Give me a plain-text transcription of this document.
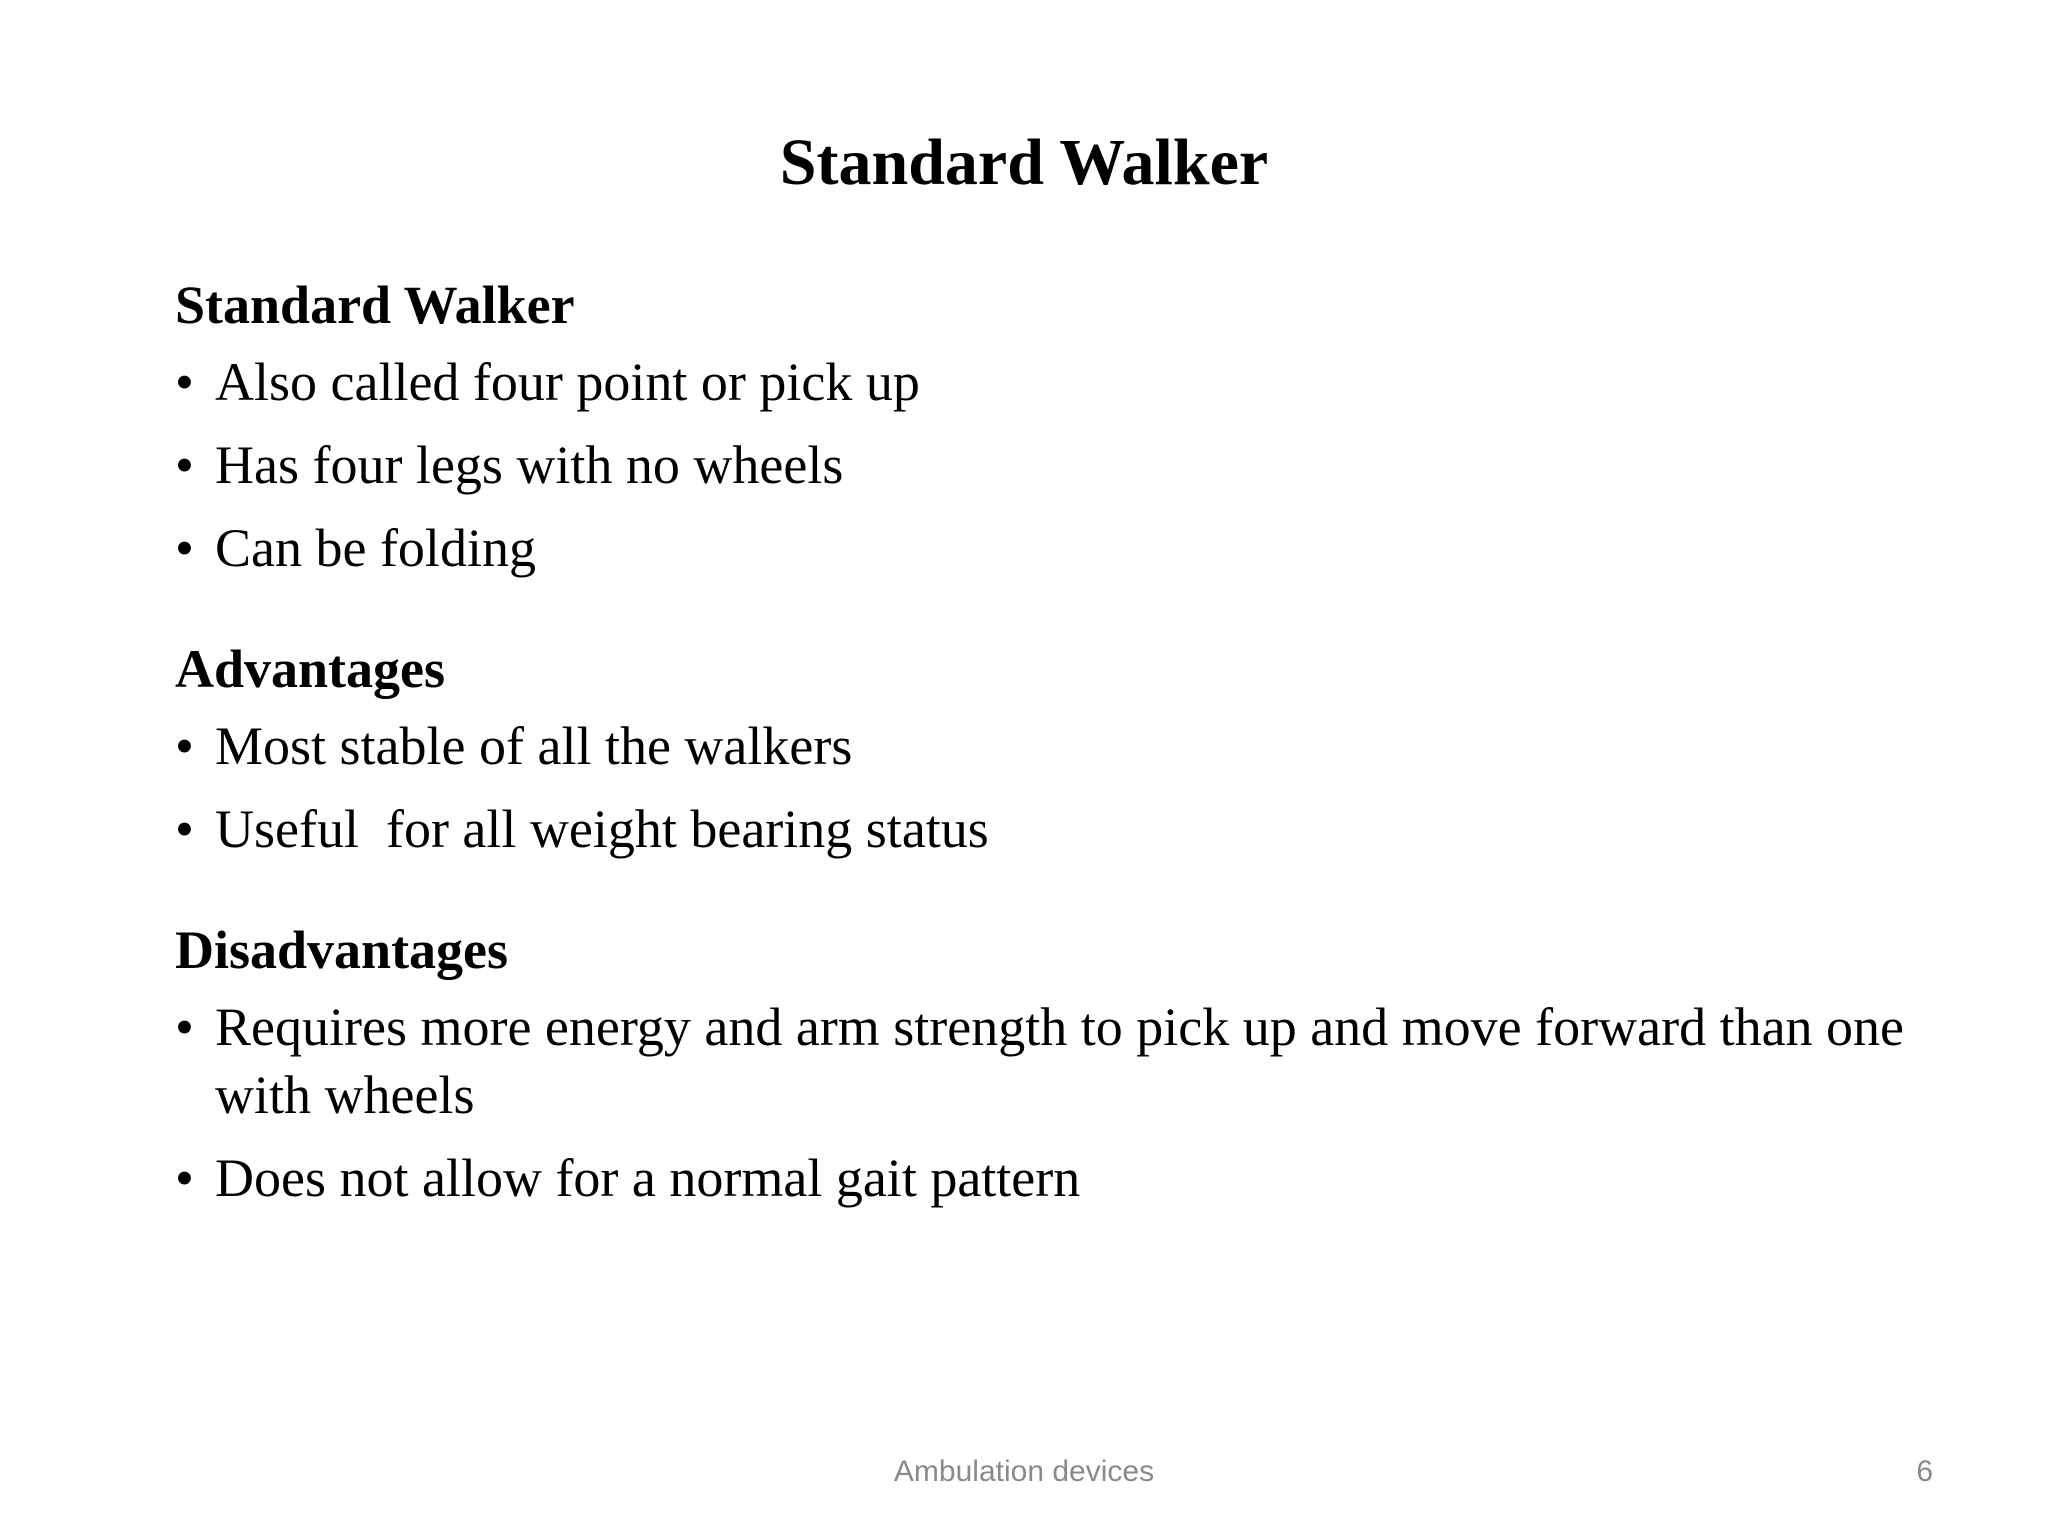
Standard Walker
Standard Walker
• Also called four point or pick up
• Has four legs with no wheels
• Can be folding
Advantages
• Most stable of all the walkers
• Useful  for all weight bearing status
Disadvantages
• Requires more energy and arm strength to pick up and move forward than one with wheels
• Does not allow for a normal gait pattern
Ambulation devices	6
